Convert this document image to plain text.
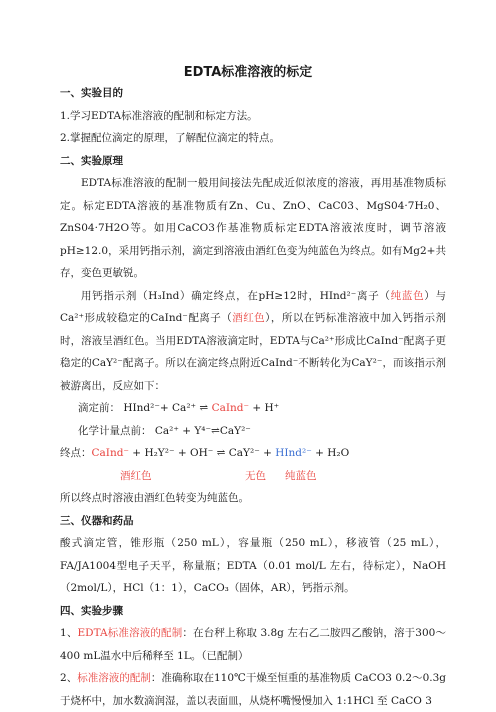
EDTA标准溶液的标定
一、实验目的
1.学习EDTA标准溶液的配制和标定方法。
2.掌握配位滴定的原理，了解配位滴定的特点。
二、实验原理
EDTA标准溶液的配制一般用间接法先配成近似浓度的溶液，再用基准物质标定。标定EDTA溶液的基准物质有Zn、Cu、ZnO、CaC03、MgS04·7H₂0、ZnS04·7H2O等。如用CaCO3作基准物质标定EDTA溶液浓度时，调节溶液pH≥12.0，采用钙指示剂，滴定到溶液由酒红色变为纯蓝色为终点。如有Mg2+共存，变色更敏锐。
用钙指示剂（H₃Ind）确定终点，在pH≥12时，HInd²⁻离子（纯蓝色）与Ca²⁺形成较稳定的CaInd⁻配离子（酒红色），所以在钙标准溶液中加入钙指示剂时，溶液呈酒红色。当用EDTA溶液滴定时，EDTA与Ca²⁺形成比CaInd⁻配离子更稳定的CaY²⁻配离子。所以在滴定终点附近CaInd⁻不断转化为CaY²⁻，而该指示剂被游离出，反应如下：
滴定前： HInd²⁻+ Ca²⁺ ⇌ CaInd⁻ + H⁺
化学计量点前： Ca²⁺ + Y⁴⁻⇌CaY²⁻
终点：CaInd⁻ + H₂Y²⁻ + OH⁻ ⇌ CaY²⁻ + HInd²⁻ + H₂O
酒红色	无色 纯蓝色
所以终点时溶液由酒红色转变为纯蓝色。
三、仪器和药品
酸式滴定管，锥形瓶（250 mL），容量瓶（250 mL），移液管（25 mL），FA/JA1004型电子天平，称量瓶；EDTA（0.01 mol/L 左右，待标定），NaOH（2mol/L），HCl（1：1），CaCO₃（固体，AR），钙指示剂。
四、实验步骤
1、EDTA标准溶液的配制：在台秤上称取 3.8g 左右乙二胺四乙酸钠，溶于300～400 mL温水中后稀释至 1L。（已配制）
2、标准溶液的配制：准确称取在110℃干燥至恒重的基准物质 CaCO3 0.2～0.3g于烧杯中，加水数滴润湿，盖以表面皿，从烧杯嘴慢慢加入 1:1HCl 至 CaCO 3
